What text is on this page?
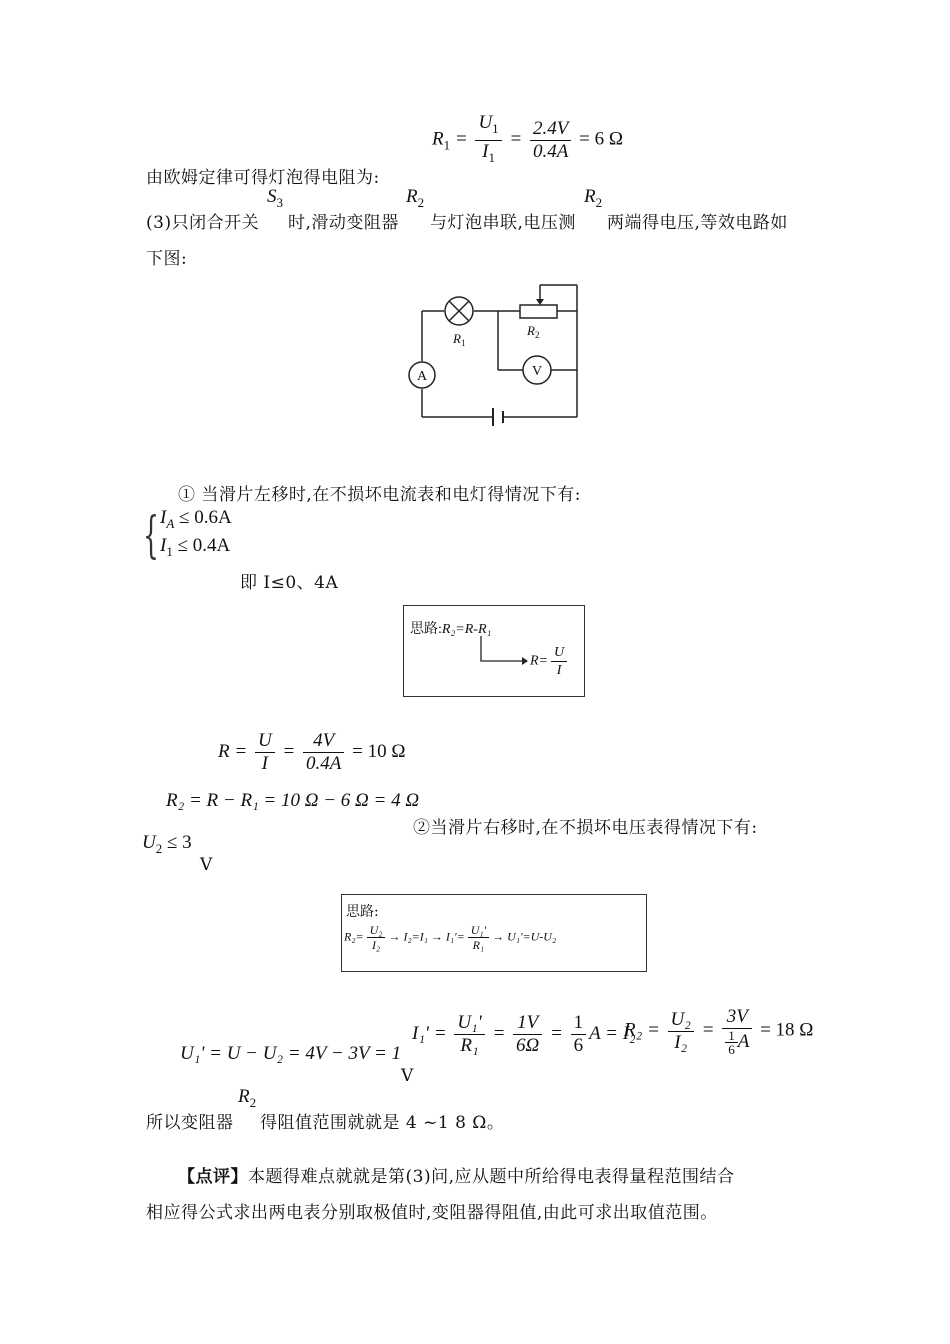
$R_1 = \frac{U_1}{I_1} = \frac{2.4V}{0.4A} = 6$ Ω
由欧姆定律可得灯泡得电阻为:
$S_3$	$R_2$	$R_2$
(3)只闭合开关 时,滑动变阻器 与灯泡串联,电压测 两端得电压,等效电路如
下图:
A	V
$R_1$
$R_2$
① 当滑片左移时,在不损坏电流表和电灯得情况下有:
{ $I_A \le 0.6A$
$I_1 \le 0.4A$
即 I≤0、4A
思路:R₂=R-R₁
$R= \frac{U}{I}$
$R = \frac{U}{I} = \frac{4V}{0.4A} = 10$ Ω
R₂ = R − R₁ = 10 Ω − 6 Ω = 4 Ω
②当滑片右移时,在不损坏电压表得情况下有:
$U_2 \le 3$
V
思路:
$R_2= \frac{\text{U₂}}{\text{I₂}} \to I_2=I_1 \to I_1'= \frac{\text{U₁'}}{\text{R₁}} \to U_1'=U-U_2$
U₁' = U − U₂ = 4V − 3V = 1
V
$I_1' = \frac{\text{U₁'}}{\text{R₁}} = \frac{1V}{6\Omega} = \frac{1}{6}$ A = I₂
$R_2 = \frac{\text{U₂}}{\text{I₂}} = \frac{3V}{\frac{1}{6} A} = 18$ Ω
$R_2$
所以变阻器 得阻值范围就就是 4 ~1 8 Ω。
【点评】本题得难点就就是第(3)问,应从题中所给得电表得量程范围结合
相应得公式求出两电表分别取极值时,变阻器得阻值,由此可求出取值范围。
